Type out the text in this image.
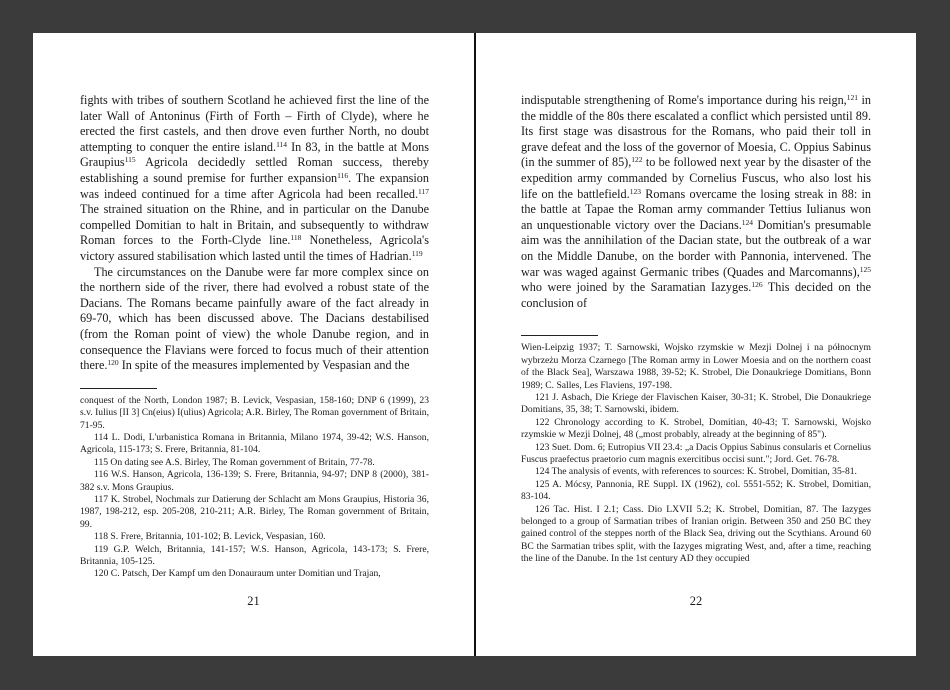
fights with tribes of southern Scotland he achieved first the line of the later Wall of Antoninus (Firth of Forth – Firth of Clyde), where he erected the first castels, and then drove even further North, no doubt attempting to conquer the entire island.$^{114}$ In 83, in the battle at Mons Graupius$^{115}$ Agricola decidedly settled Roman success, thereby establishing a sound premise for further expansion$^{116}$. The expansion was indeed continued for a time after Agricola had been recalled.$^{117}$ The strained situation on the Rhine, and in particular on the Danube compelled Domitian to halt in Britain, and subsequently to withdraw Roman forces to the Forth-Clyde line.$^{118}$ Nonetheless, Agricola's victory assured stabilisation which lasted until the times of Hadrian.$^{119}$

The circumstances on the Danube were far more complex since on the northern side of the river, there had evolved a robust state of the Dacians. The Romans became painfully aware of the fact already in 69-70, which has been discussed above. The Dacians destabilised (from the Roman point of view) the whole Danube region, and in consequence the Flavians were forced to focus much of their attention there.$^{120}$ In spite of the measures implemented by Vespasian and the

conquest of the North, London 1987; B. Levick, Vespasian, 158-160; DNP 6 (1999), 23 s.v. Iulius [II 3] Cn(eius) I(ulius) Agricola; A.R. Birley, The Roman government of Britain, 71-95.

114 L. Dodi, L'urbanistica Romana in Britannia, Milano 1974, 39-42; W.S. Hanson, Agricola, 115-173; S. Frere, Britannia, 81-104.

115 On dating see A.S. Birley, The Roman government of Britain, 77-78.

116 W.S. Hanson, Agricola, 136-139; S. Frere, Britannia, 94-97; DNP 8 (2000), 381-382 s.v. Mons Graupius.

117 K. Strobel, Nochmals zur Datierung der Schlacht am Mons Graupius, Historia 36, 1987, 198-212, esp. 205-208, 210-211; A.R. Birley, The Roman government of Britain, 99.

118 S. Frere, Britannia, 101-102; B. Levick, Vespasian, 160.

119 G.P. Welch, Britannia, 141-157; W.S. Hanson, Agricola, 143-173; S. Frere, Britannia, 105-125.

120 C. Patsch, Der Kampf um den Donauraum unter Domitian und Trajan,

21

indisputable strengthening of Rome's importance during his reign,$^{121}$ in the middle of the 80s there escalated a conflict which persisted until 89. Its first stage was disastrous for the Romans, who paid their toll in grave defeat and the loss of the governor of Moesia, C. Oppius Sabinus (in the summer of 85),$^{122}$ to be followed next year by the disaster of the expedition army commanded by Cornelius Fuscus, who also lost his life on the battlefield.$^{123}$ Romans overcame the losing streak in 88: in the battle at Tapae the Roman army commander Tettius Iulianus won an unquestionable victory over the Dacians.$^{124}$ Domitian's presumable aim was the annihilation of the Dacian state, but the outbreak of a war on the Middle Danube, on the border with Pannonia, intervened. The war was waged against Germanic tribes (Quades and Marcomanns),$^{125}$ who were joined by the Saramatian Iazyges.$^{126}$ This decided on the conclusion of

Wien-Leipzig 1937; T. Sarnowski, Wojsko rzymskie w Mezji Dolnej i na północnym wybrzeżu Morza Czarnego [The Roman army in Lower Moesia and on the northern coast of the Black Sea], Warszawa 1988, 39-52; K. Strobel, Die Donaukriege Domitians, Bonn 1989; C. Salles, Les Flaviens, 197-198.

121 J. Asbach, Die Kriege der Flavischen Kaiser, 30-31; K. Strobel, Die Donaukriege Domitians, 35, 38; T. Sarnowski, ibidem.

122 Chronology according to K. Strobel, Domitian, 40-43; T. Sarnowski, Wojsko rzymskie w Mezji Dolnej, 48 („most probably, already at the beginning of 85").

123 Suet. Dom. 6; Eutropius VII 23.4: „a Dacis Oppius Sabinus consularis et Cornelius Fuscus praefectus praetorio cum magnis exercitibus occisi sunt."; Jord. Get. 76-78.

124 The analysis of events, with references to sources: K. Strobel, Domitian, 35-81.

125 A. Mócsy, Pannonia, RE Suppl. IX (1962), col. 5551-552; K. Strobel, Domitian, 83-104.

126 Tac. Hist. I 2.1; Cass. Dio LXVII 5.2; K. Strobel, Domitian, 87. The Iazyges belonged to a group of Sarmatian tribes of Iranian origin. Between 350 and 250 BC they gained control of the steppes north of the Black Sea, driving out the Scythians. Around 60 BC the Sarmatian tribes split, with the Iazyges migrating West, and, after a time, reaching the line of the Danube. In the 1st century AD they occupied

22
